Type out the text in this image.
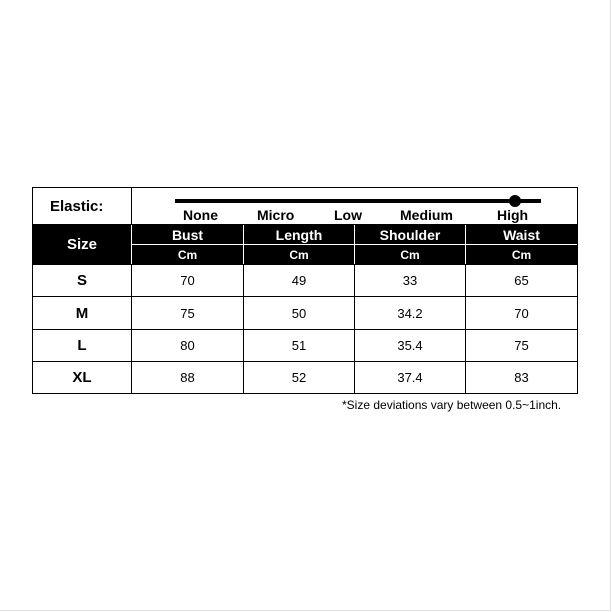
Elastic:
None	Micro	Low	Medium	High
Size
Bust	Length	Shoulder	Waist
Cm	Cm	Cm	Cm
S	70	49	33	65
M	75	50	34.2	70
L	80	51	35.4	75
XL	88	52	37.4	83
*Size deviations vary between 0.5~1inch.
